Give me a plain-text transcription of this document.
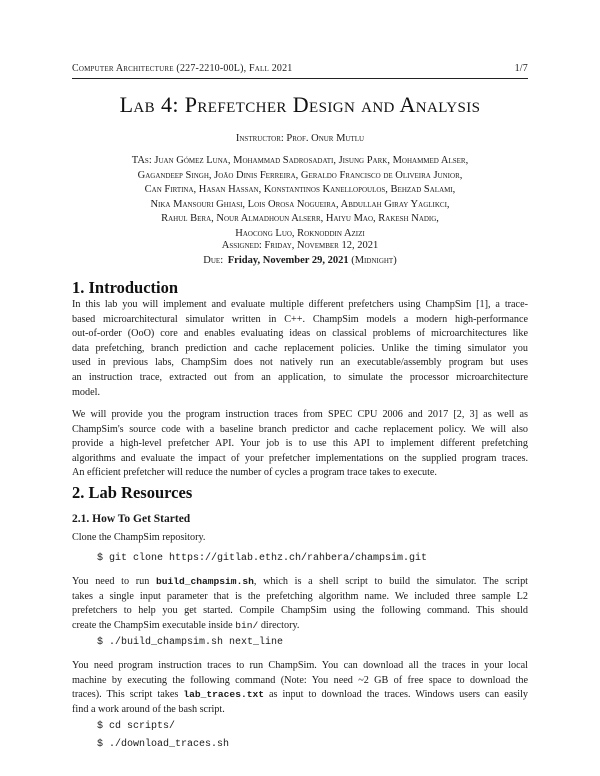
Computer Architecture (227-2210-00L), Fall 2021	1/7
Lab 4: Prefetcher Design and Analysis
Instructor: Prof. Onur Mutlu

TAs: Juan Gómez Luna, Mohammad Sadrosadati, Jisung Park, Mohammed Alser,

Gagandeep Singh, João Dinis Ferreira, Geraldo Francisco de Oliveira Junior,

Can Firtina, Hasan Hassan, Konstantinos Kanellopoulos, Behzad Salami,

Nika Mansouri Ghiasi, Lois Orosa Nogueira, Abdullah Giray Yaglikci,

Rahul Bera, Nour Almadhoun Alserr, Haiyu Mao, Rakesh Nadig,

Haocong Luo, Roknoddin Azizi

Assigned: Friday, November 12, 2021

Due: Friday, November 29, 2021 (Midnight)

1. Introduction
In this lab you will implement and evaluate multiple different prefetchers using ChampSim [1], a trace-
based microarchitectural simulator written in C++. ChampSim models a modern high-performance
out-of-order (OoO) core and enables evaluating ideas on classical problems of microarchitectures like
data prefetching, branch prediction and cache replacement policies. Unlike the timing simulator you
used in previous labs, ChampSim does not natively run an executable/assembly program but uses
an instruction trace, extracted out from an application, to simulate the processor microarchitecture
model.
We will provide you the program instruction traces from SPEC CPU 2006 and 2017 [2, 3] as well as
ChampSim's source code with a baseline branch predictor and cache replacement policy. We will also
provide a high-level prefetcher API. Your job is to use this API to implement different prefetching
algorithms and evaluate the impact of your prefetcher implementations on the supplied program traces.
An efficient prefetcher will reduce the number of cycles a program trace takes to execute.
2. Lab Resources
2.1. How To Get Started
Clone the ChampSim repository.
$ git clone https://gitlab.ethz.ch/rahbera/champsim.git
You need to run build_champsim.sh, which is a shell script to build the simulator. The script
takes a single input parameter that is the prefetching algorithm name. We included three sample L2
prefetchers to help you get started. Compile ChampSim using the following command. This should
create the ChampSim executable inside bin/ directory.
$ ./build_champsim.sh next_line
You need program instruction traces to run ChampSim. You can download all the traces in your local
machine by executing the following command (Note: You need ~2 GB of free space to download the
traces). This script takes lab_traces.txt as input to download the traces. Windows users can easily
find a work around of the bash script.
$ cd scripts/
$ ./download_traces.sh
